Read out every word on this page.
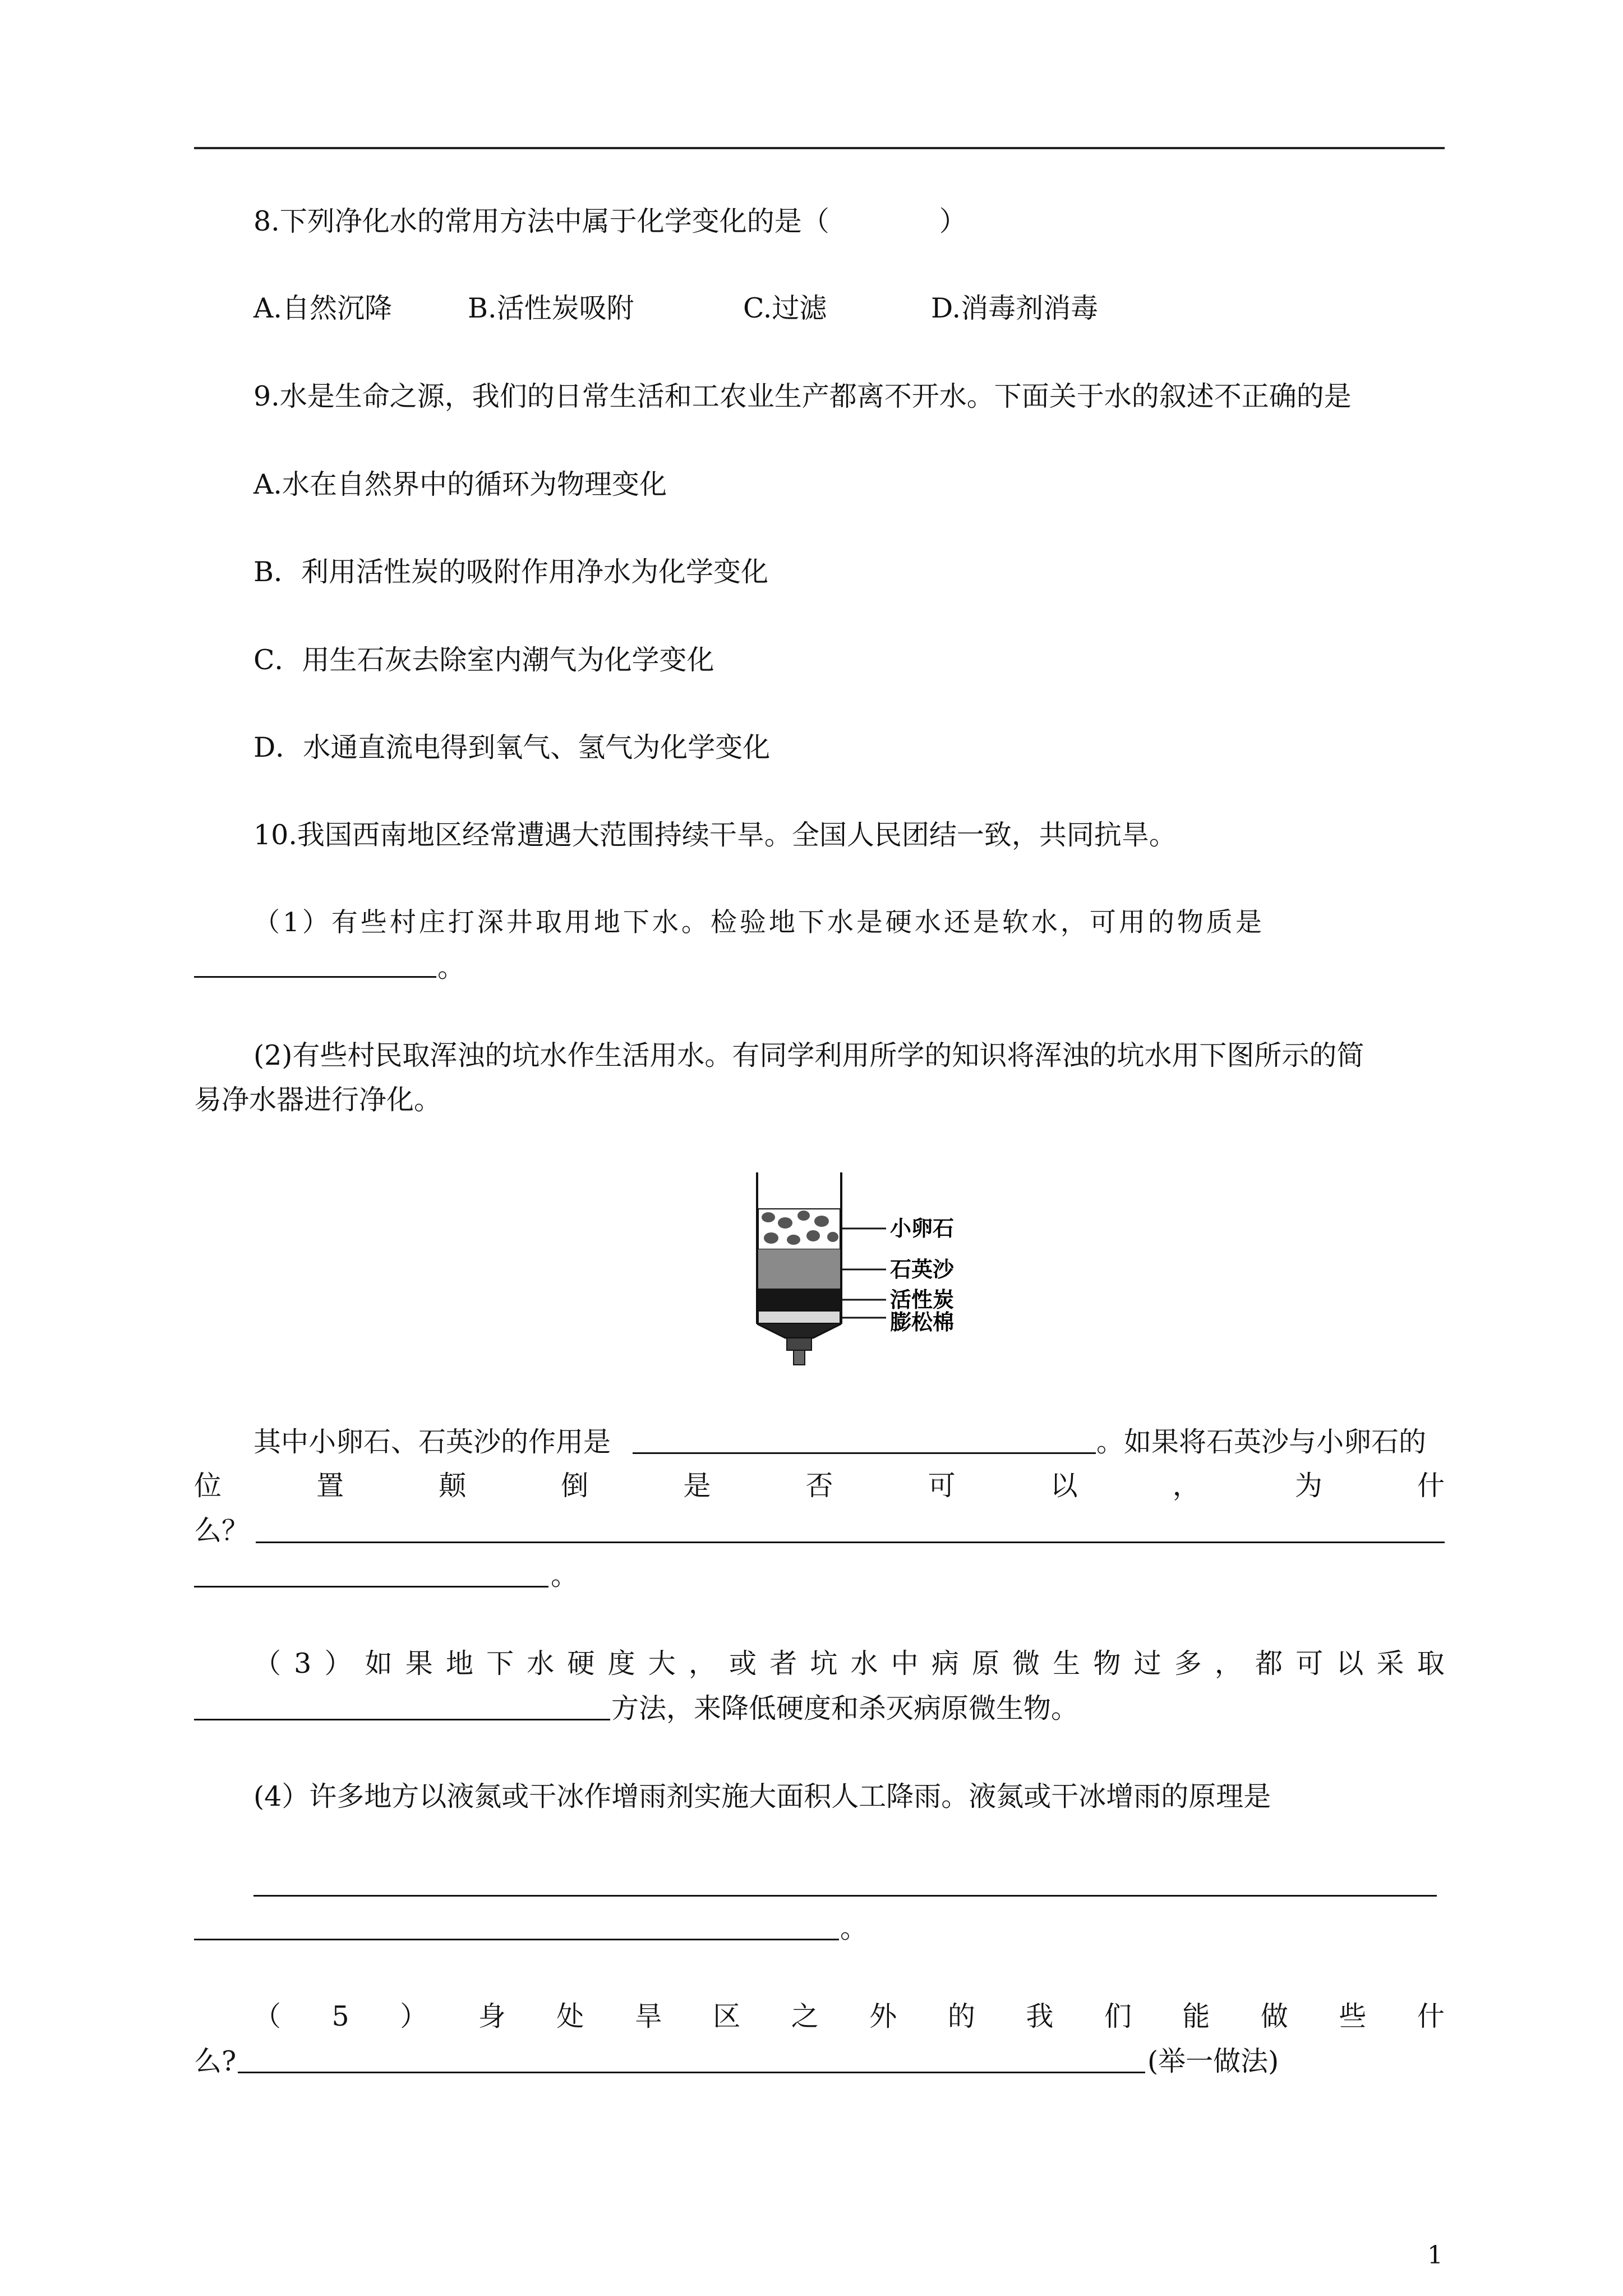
8.下列净化水的常用方法中属于化学变化的是（　　　　）
A.自然沉降	B.活性炭吸附	C.过滤	D.消毒剂消毒
9.水是生命之源，我们的日常生活和工农业生产都离不开水。下面关于水的叙述不正确的是
A.水在自然界中的循环为物理变化
B．利用活性炭的吸附作用净水为化学变化
C．用生石灰去除室内潮气为化学变化
D．水通直流电得到氧气、氢气为化学变化
10.我国西南地区经常遭遇大范围持续干旱。全国人民团结一致，共同抗旱。
（1）有些村庄打深井取用地下水。检验地下水是硬水还是软水，可用的物质是
。
(2)有些村民取浑浊的坑水作生活用水。有同学利用所学的知识将浑浊的坑水用下图所示的简
易净水器进行净化。
小卵石
石英沙
活性炭
膨松棉
其中小卵石、石英沙的作用是	。如果将石英沙与小卵石的
位	置	颠	倒	是	否	可	以	，	为	什
么？
。
（ 3 ） 如 果 地 下 水 硬 度 大 ， 或 者 坑 水 中 病 原 微 生 物 过 多 ， 都 可 以 采 取
方法，来降低硬度和杀灭病原微生物。
(4）许多地方以液氮或干冰作增雨剂实施大面积人工降雨。液氮或干冰增雨的原理是
。
（ 5 ） 身 处 旱 区 之 外 的 我 们 能 做 些 什
么?	(举一做法)
1
